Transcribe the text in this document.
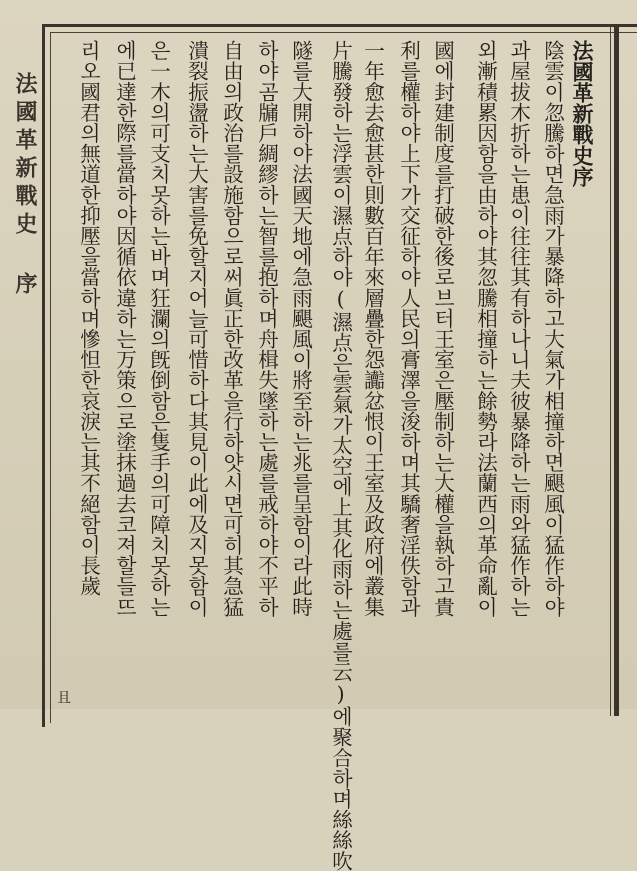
法國革新戰史
序
法國革新戰史序
陰雲이忽騰하면急雨가暴降하고大氣가相撞하면颶風이猛作하야
과屋拔木折하는患이往往其有하나니夫彼暴降하는雨와猛作하는
외漸積累因함을由하야其忽騰相撞하는餘勢라法蘭西의革命亂이
國에封建制度를打破한後로브터王室은壓制하는大權을執하고貴
利를權하야上下가交征하야人民의膏澤을浚하며其驕奢淫佚함과
一年愈去愈甚한則數百年來層疊한怨讟忿恨이王室及政府에叢集
片騰發하는浮雲이濕点하야(濕点은雲氣가太空에上其化雨하는處를云)에聚合하며絲絲吹
隧를大開하야法國天地에急雨颶風이將至하는兆를呈함이라此時
하야곰牖戶綢繆하는智를抱하며舟楫失墜하는處를戒하야不平하
自由의政治를設施함으로써眞正한改革을行하얏시면可히其急猛
潰裂振盪하는大害를免할지어늘可惜하다其見이此에及지못함이
은一木의可支치못하는바며狂瀾의旣倒함은隻手의可障치못하는
에已達한際를當하야因循依違하는万策으로塗抹過去코져할들뜨
리오國君의無道한抑壓을當하며慘怛한哀淚는其不絕함이長歲
且
